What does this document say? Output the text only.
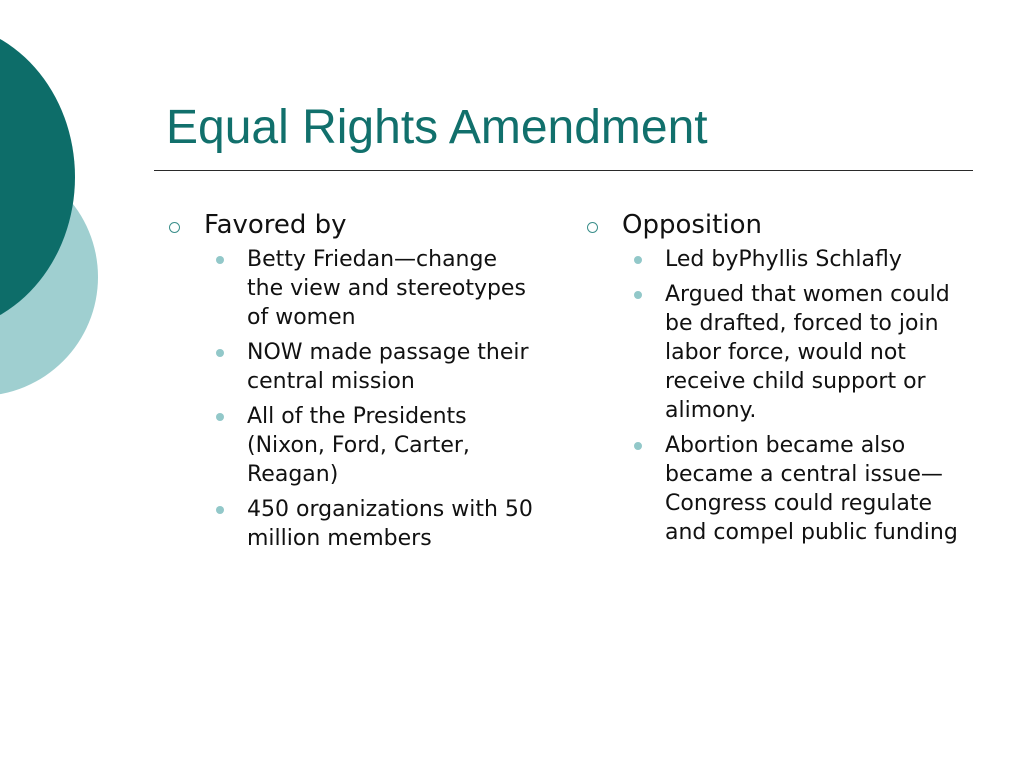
Equal Rights Amendment
Favored by
Betty Friedan—change the view and stereotypes of women
NOW made passage their central mission
All of the Presidents (Nixon, Ford, Carter, Reagan)
450 organizations with 50 million members
Opposition
Led byPhyllis Schlafly
Argued that women could be drafted, forced to join labor force, would not receive child support or alimony.
Abortion became also became a central issue—Congress could regulate and compel public funding
